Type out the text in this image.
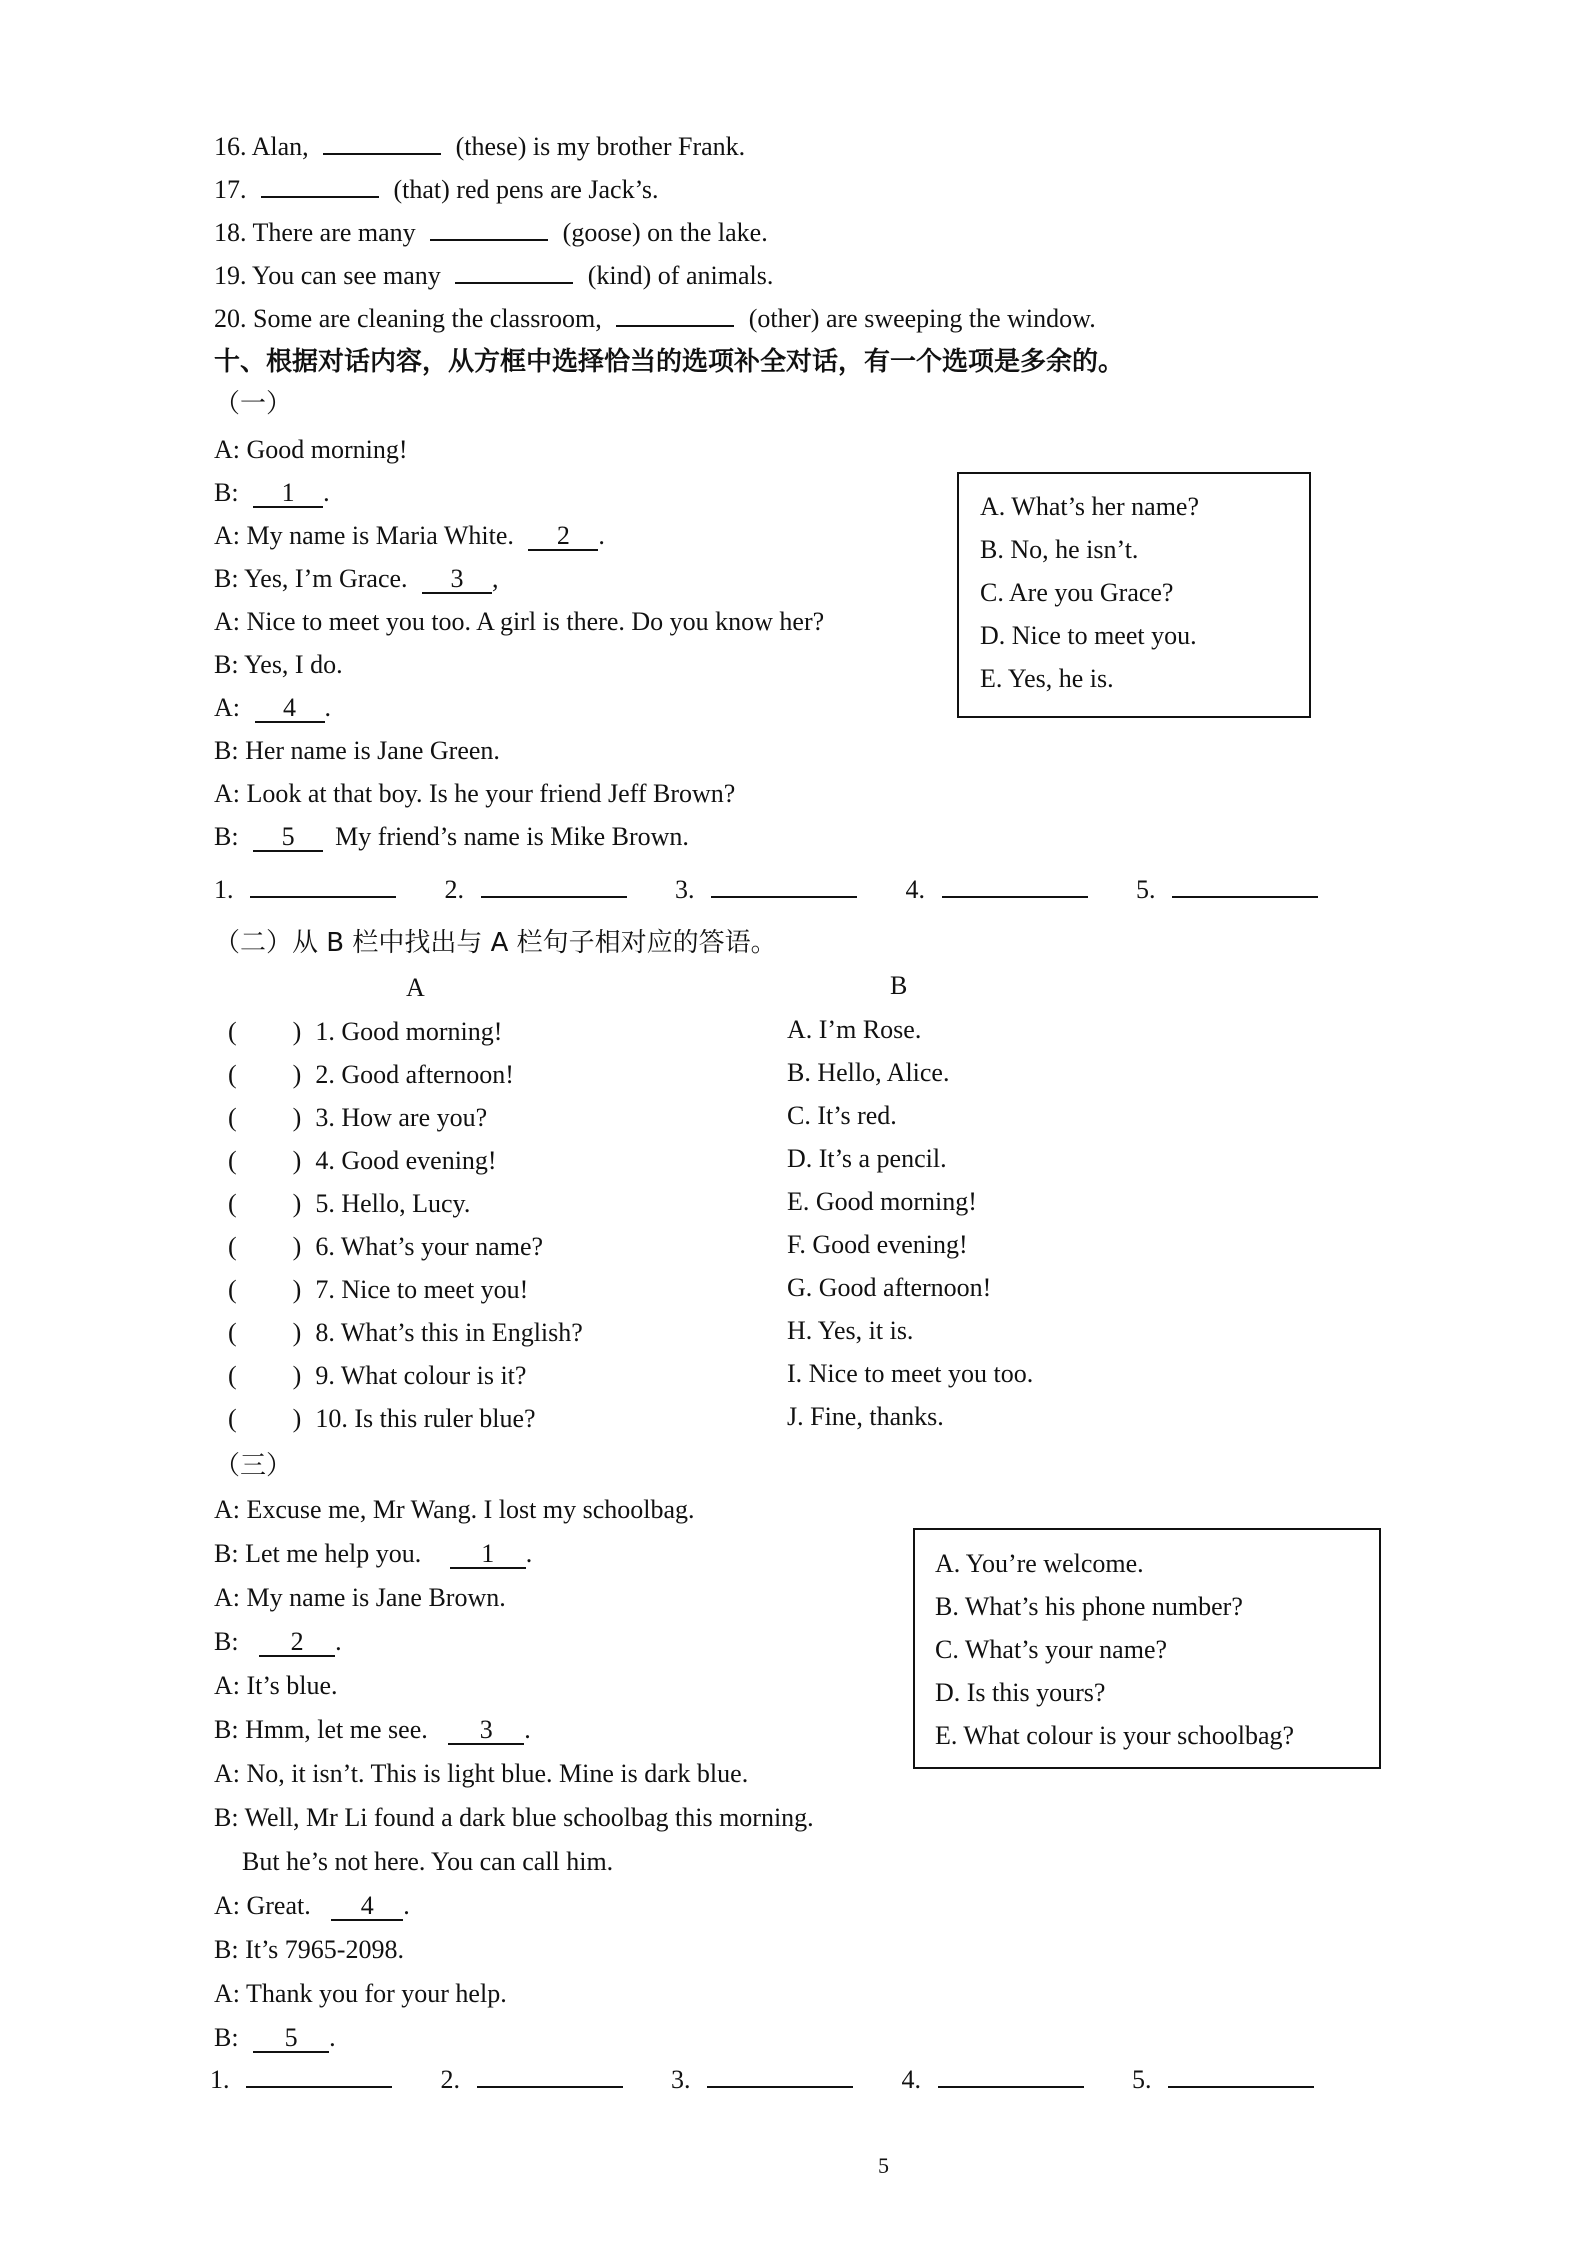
16. Alan,	(these) is my brother Frank.
17.	(that) red pens are Jack’s.
18. There are many	(goose) on the lake.
19. You can see many	(kind) of animals.
20. Some are cleaning the classroom,	(other) are sweeping the window.
十、根据对话内容，从方框中选择恰当的选项补全对话，有一个选项是多余的。
（一）
A: Good morning!
B: 1 .
A: My name is Maria White. 2 .
B: Yes, I’m Grace. 3 ,
A: Nice to meet you too. A girl is there. Do you know her?
B: Yes, I do.
A: 4 .
B: Her name is Jane Green.
A: Look at that boy. Is he your friend Jeff Brown?
B: 5 My friend’s name is Mike Brown.
A. What’s her name?
B. No, he isn’t.
C. Are you Grace?
D. Nice to meet you.
E. Yes, he is.
1.	2.	3.	4.	5.
（二）从 B 栏中找出与 A 栏句子相对应的答语。
A	B
( ) 1. Good morning!
( ) 2. Good afternoon!
( ) 3. How are you?
( ) 4. Good evening!
( ) 5. Hello, Lucy.
( ) 6. What’s your name?
( ) 7. Nice to meet you!
( ) 8. What’s this in English?
( ) 9. What colour is it?
( ) 10. Is this ruler blue?
A. I’m Rose.
B. Hello, Alice.
C. It’s red.
D. It’s a pencil.
E. Good morning!
F. Good evening!
G. Good afternoon!
H. Yes, it is.
I. Nice to meet you too.
J. Fine, thanks.
（三）
A: Excuse me, Mr Wang. I lost my schoolbag.
B: Let me help you. 1 .
A: My name is Jane Brown.
B: 2 .
A: It’s blue.
B: Hmm, let me see. 3 .
A: No, it isn’t. This is light blue. Mine is dark blue.
B: Well, Mr Li found a dark blue schoolbag this morning.
But he’s not here. You can call him.
A: Great. 4 .
B: It’s 7965-2098.
A: Thank you for your help.
B: 5 .
A. You’re welcome.
B. What’s his phone number?
C. What’s your name?
D. Is this yours?
E. What colour is your schoolbag?
1.	2.	3.	4.	5.
5
